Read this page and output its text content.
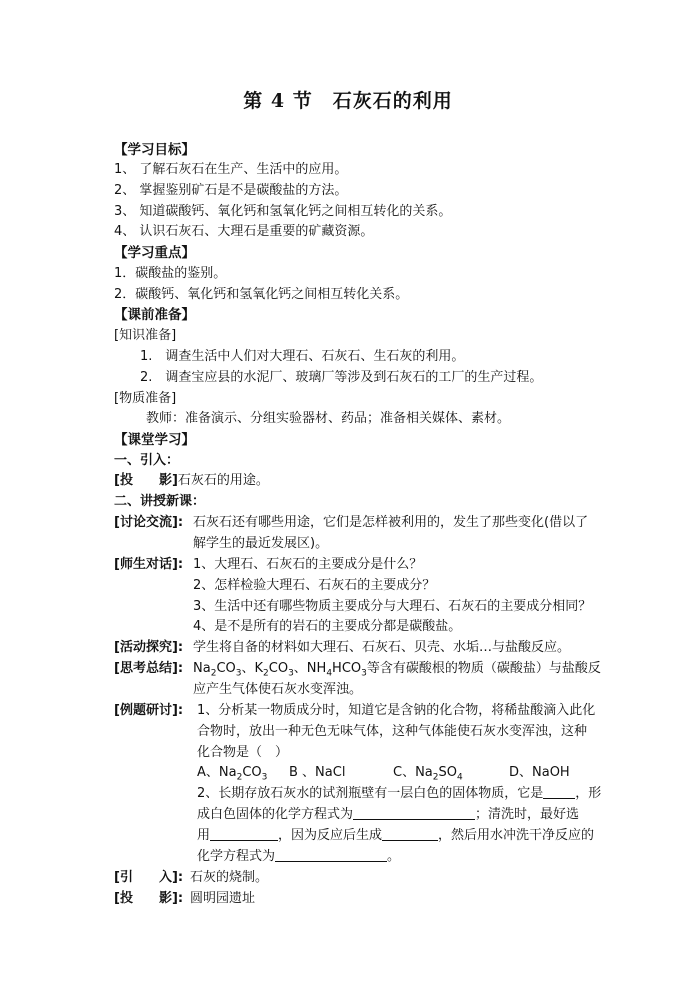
第 4 节　石灰石的利用
【学习目标】
1、 了解石灰石在生产、生活中的应用。
2、 掌握鉴别矿石是不是碳酸盐的方法。
3、 知道碳酸钙、氧化钙和氢氧化钙之间相互转化的关系。
4、 认识石灰石、大理石是重要的矿藏资源。
【学习重点】
1．碳酸盐的鉴别。
2．碳酸钙、氧化钙和氢氧化钙之间相互转化关系。
【课前准备】
[知识准备]
1.　调查生活中人们对大理石、石灰石、生石灰的利用。
2.　调查宝应县的水泥厂、玻璃厂等涉及到石灰石的工厂的生产过程。
[物质准备]
教师：准备演示、分组实验器材、药品；准备相关媒体、素材。
【课堂学习】
一、引入：
[投　　影]石灰石的用途。
二、讲授新课：
[讨论交流]: 石灰石还有哪些用途，它们是怎样被利用的，发生了那些变化(借以了
解学生的最近发展区)。
[师生对话]: 1、大理石、石灰石的主要成分是什么？
2、怎样检验大理石、石灰石的主要成分？
3、生活中还有哪些物质主要成分与大理石、石灰石的主要成分相同？
4、是不是所有的岩石的主要成分都是碳酸盐。
[活动探究]: 学生将自备的材料如大理石、石灰石、贝壳、水垢…与盐酸反应。
[思考总结]: $Na_2CO_3$、$K_2CO_3$、$NH_4HCO_3$等含有碳酸根的物质（碳酸盐）与盐酸反
应产生气体使石灰水变浑浊。
[例题研讨]: 1、分析某一物质成分时，知道它是含钠的化合物，将稀盐酸滴入此化
合物时，放出一种无色无味气体，这种气体能使石灰水变浑浊，这种
化合物是（　）
A、$Na_2CO_3$ B 、NaCl	C、$Na_2SO_4$	D、NaOH
2、长期存放石灰水的试剂瓶壁有一层白色的固体物质，它是 ，形
成白色固体的化学方程式为	；清洗时，最好选
用	，因为反应后生成	，然后用水冲洗干净反应的
化学方程式为	。
[引　　入]: 石灰的烧制。
[投　　影]: 圆明园遗址
